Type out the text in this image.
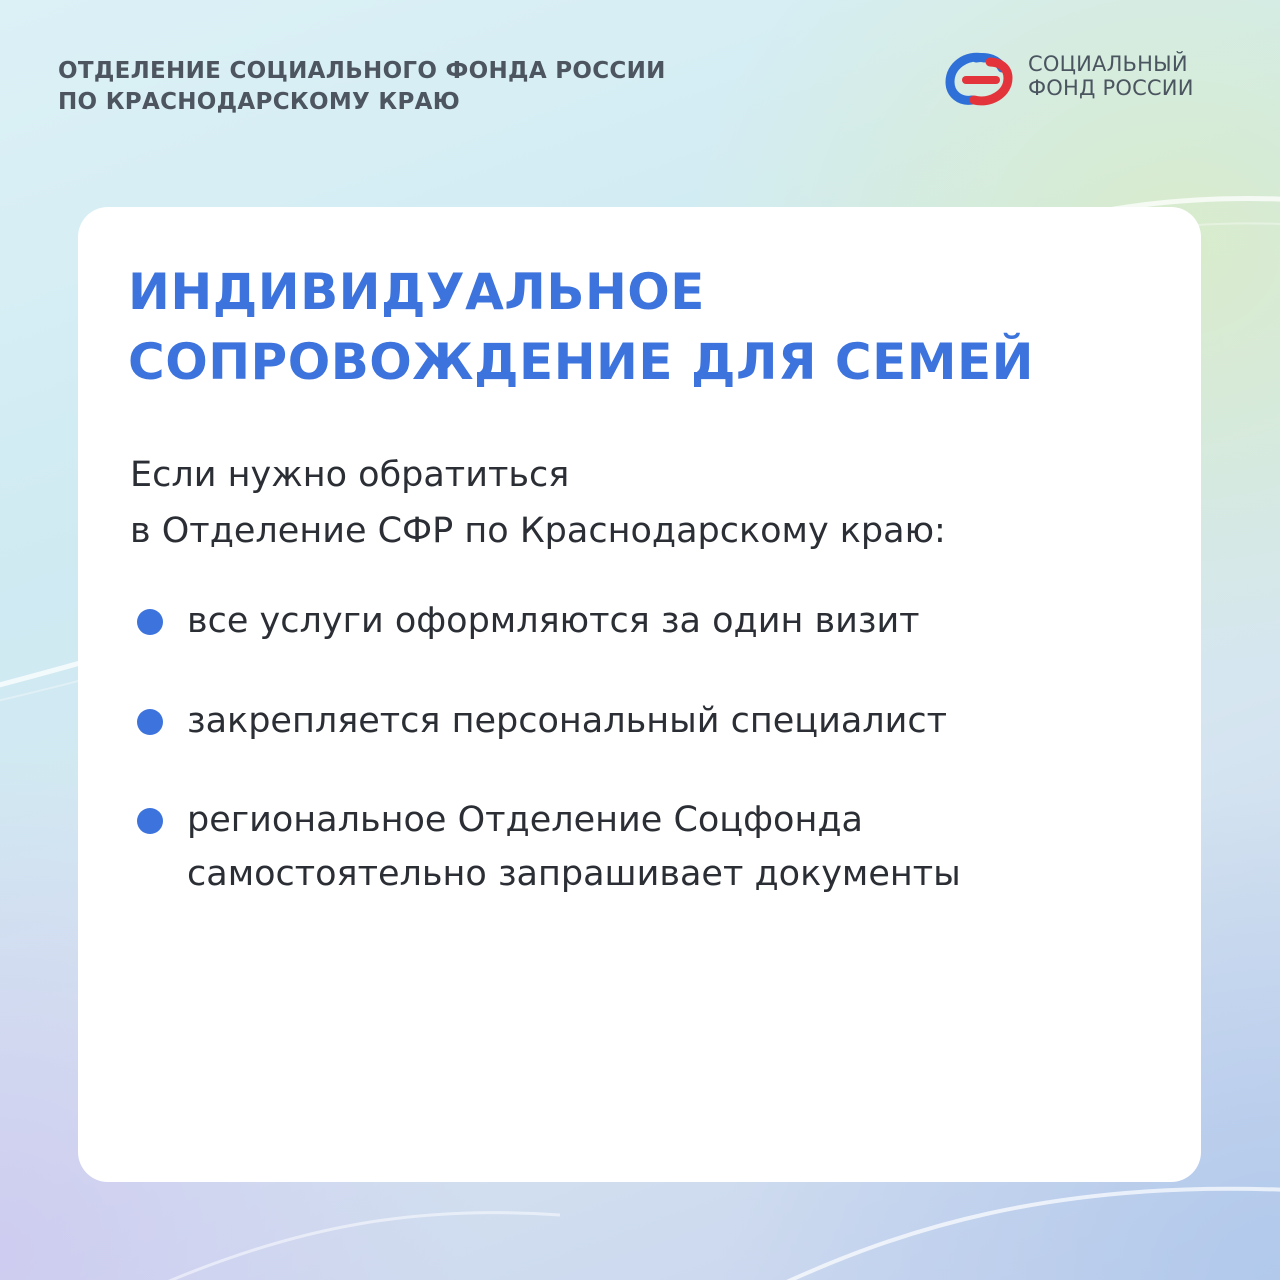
ОТДЕЛЕНИЕ СОЦИАЛЬНОГО ФОНДА РОССИИ
ПО КРАСНОДАРСКОМУ КРАЮ
СОЦИАЛЬНЫЙ
ФОНД РОССИИ
ИНДИВИДУАЛЬНОЕ
СОПРОВОЖДЕНИЕ ДЛЯ СЕМЕЙ

Если нужно обратиться
в Отделение СФР по Краснодарскому краю:

все услуги оформляются за один визит
закрепляется персональный специалист
региональное Отделение Соцфонда
самостоятельно запрашивает документы
